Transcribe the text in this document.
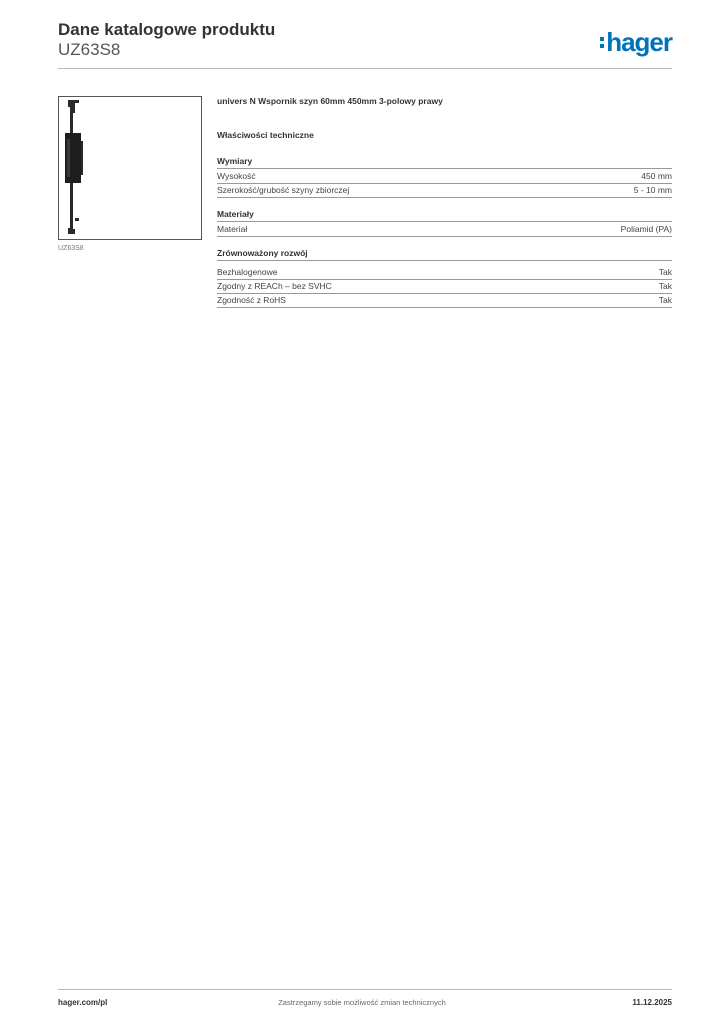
Dane katalogowe produktu
UZ63S8	hager
UZ63S8
univers N Wspornik szyn 60mm 450mm 3-polowy prawy
Właściwości techniczne
Wymiary
Wysokość	450 mm
Szerokość/grubość szyny zbiorczej	5 - 10 mm
Materiały
Materiał	Poliamid (PA)
Zrównoważony rozwój
Bezhalogenowe	Tak
Zgodny z REACh – bez SVHC	Tak
Zgodność z RoHS	Tak
hager.com/pl	Zastrzegamy sobie możliwość zmian technicznych	11.12.2025
